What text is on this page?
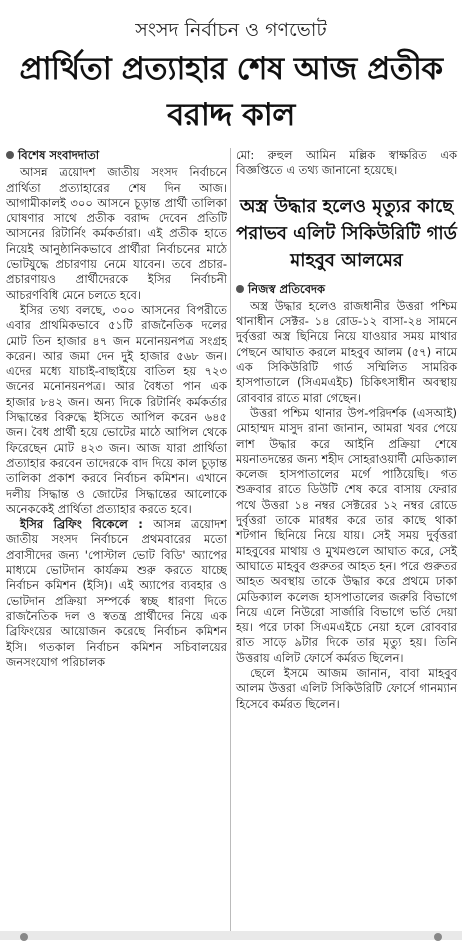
সংসদ নির্বাচন ও গণভোট
প্রার্থিতা প্রত্যাহার শেষ আজ প্রতীক বরাদ্দ কাল
বিশেষ সংবাদদাতা

আসন্ন ত্রয়োদশ জাতীয় সংসদ নির্বাচনে প্রার্থিতা প্রত্যাহারের শেষ দিন আজ। আগামীকালই ৩০০ আসনে চূড়ান্ত প্রার্থী তালিকা ঘোষণার সাথে প্রতীক বরাদ্দ দেবেন প্রতিটি আসনের রিটার্নিং কর্মকর্তারা। এই প্রতীক হাতে নিয়েই আনুষ্ঠানিকভাবে প্রার্থীরা নির্বাচনের মাঠে ভোটযুদ্ধে প্রচারণায় নেমে যাবেন। তবে প্রচার-প্রচারণায়ও প্রার্থীদেরকে ইসির নির্বাচনী আচরণবিধি মেনে চলতে হবে।

ইসির তথ্য বলছে, ৩০০ আসনের বিপরীতে এবার প্রাথমিকভাবে ৫১টি রাজনৈতিক দলের মোট তিন হাজার ৪৭ জন মনোনয়নপত্র সংগ্রহ করেন। আর জমা দেন দুই হাজার ৫৬৮ জন। এদের মধ্যে যাচাই-বাছাইয়ে বাতিল হয় ৭২৩ জনের মনোনয়নপত্র। আর বৈধতা পান এক হাজার ৮৪২ জন। অন্য দিকে রিটার্নিং কর্মকর্তার সিদ্ধান্তের বিরুদ্ধে ইসিতে আপিল করেন ৬৪৫ জন। বৈধ প্রার্থী হয়ে ভোটের মাঠে আপিল থেকে ফিরেছেন মোট ৪২৩ জন। আজ যারা প্রার্থিতা প্রত্যাহার করবেন তাদেরকে বাদ দিয়ে কাল চূড়ান্ত তালিকা প্রকাশ করবে নির্বাচন কমিশন। এখানে দলীয় সিদ্ধান্ত ও জোটের সিদ্ধান্তের আলোকে অনেককেই প্রার্থিতা প্রত্যাহার করতে হবে।

ইসির ব্রিফিং বিকেলে : আসন্ন ত্রয়োদশ জাতীয় সংসদ নির্বাচনে প্রথমবারের মতো প্রবাসীদের জন্য 'পোস্টাল ভোট বিডি' অ্যাপের মাধ্যমে ভোটদান কার্যক্রম শুরু করতে যাচ্ছে নির্বাচন কমিশন (ইসি)। এই অ্যাপের ব্যবহার ও ভোটদান প্রক্রিয়া সম্পর্কে স্বচ্ছ ধারণা দিতে রাজনৈতিক দল ও স্বতন্ত্র প্রার্থীদের নিয়ে এক ব্রিফিংয়ের আয়োজন করেছে নির্বাচন কমিশন ইসি। গতকাল নির্বাচন কমিশন সচিবালয়ের জনসংযোগ পরিচালক

মো: রুহুল আমিন মল্লিক স্বাক্ষরিত এক বিজ্ঞপ্তিতে এ তথ্য জানানো হয়েছে।

অস্ত্র উদ্ধার হলেও মৃত্যুর কাছে পরাভব এলিট সিকিউরিটি গার্ড মাহবুব আলমের
নিজস্ব প্রতিবেদক

অস্ত্র উদ্ধার হলেও রাজধানীর উত্তরা পশ্চিম থানাধীন সেক্টর- ১৪ রোড-১২ বাসা-২৪ সামনে দুর্বৃত্তরা অস্ত্র ছিনিয়ে নিয়ে যাওয়ার সময় মাথার পেছনে আঘাত করলে মাহবুব আলম (৫৭) নামে এক সিকিউরিটি গার্ড সম্মিলিত সামরিক হাসপাতালে (সিএমএইচ) চিকিৎসাধীন অবস্থায় রোববার রাতে মারা গেছেন।

উত্তরা পশ্চিম থানার উপ-পরিদর্শক (এসআই) মোহাম্মদ মাসুদ রানা জানান, আমরা খবর পেয়ে লাশ উদ্ধার করে আইনি প্রক্রিয়া শেষে ময়নাতদন্তের জন্য শহীদ সোহরাওয়ার্দী মেডিক্যাল কলেজ হাসপাতালের মর্গে পাঠিয়েছি। গত শুক্রবার রাতে ডিউটি শেষ করে বাসায় ফেরার পথে উত্তরা ১৪ নম্বর সেক্টরের ১২ নম্বর রোডে দুর্বৃত্তরা তাকে মারধর করে তার কাছে থাকা শটগান ছিনিয়ে নিয়ে যায়। সেই সময় দুর্বৃত্তরা মাহবুবের মাথায় ও মুখমণ্ডলে আঘাত করে, সেই আঘাতে মাহবুব গুরুতর আহত হন। পরে গুরুতর আহত অবস্থায় তাকে উদ্ধার করে প্রথমে ঢাকা মেডিক্যাল কলেজ হাসপাতালের জরুরি বিভাগে নিয়ে এলে নিউরো সার্জারি বিভাগে ভর্তি দেয়া হয়। পরে ঢাকা সিএমএইচে নেয়া হলে রোববার রাত সাড়ে ৯টার দিকে তার মৃত্যু হয়। তিনি উত্তরায় এলিট ফোর্সে কর্মরত ছিলেন।

ছেলে ইসমে আজম জানান, বাবা মাহবুব আলম উত্তরা এলিট সিকিউরিটি ফোর্সে গানম্যান হিসেবে কর্মরত ছিলেন।
